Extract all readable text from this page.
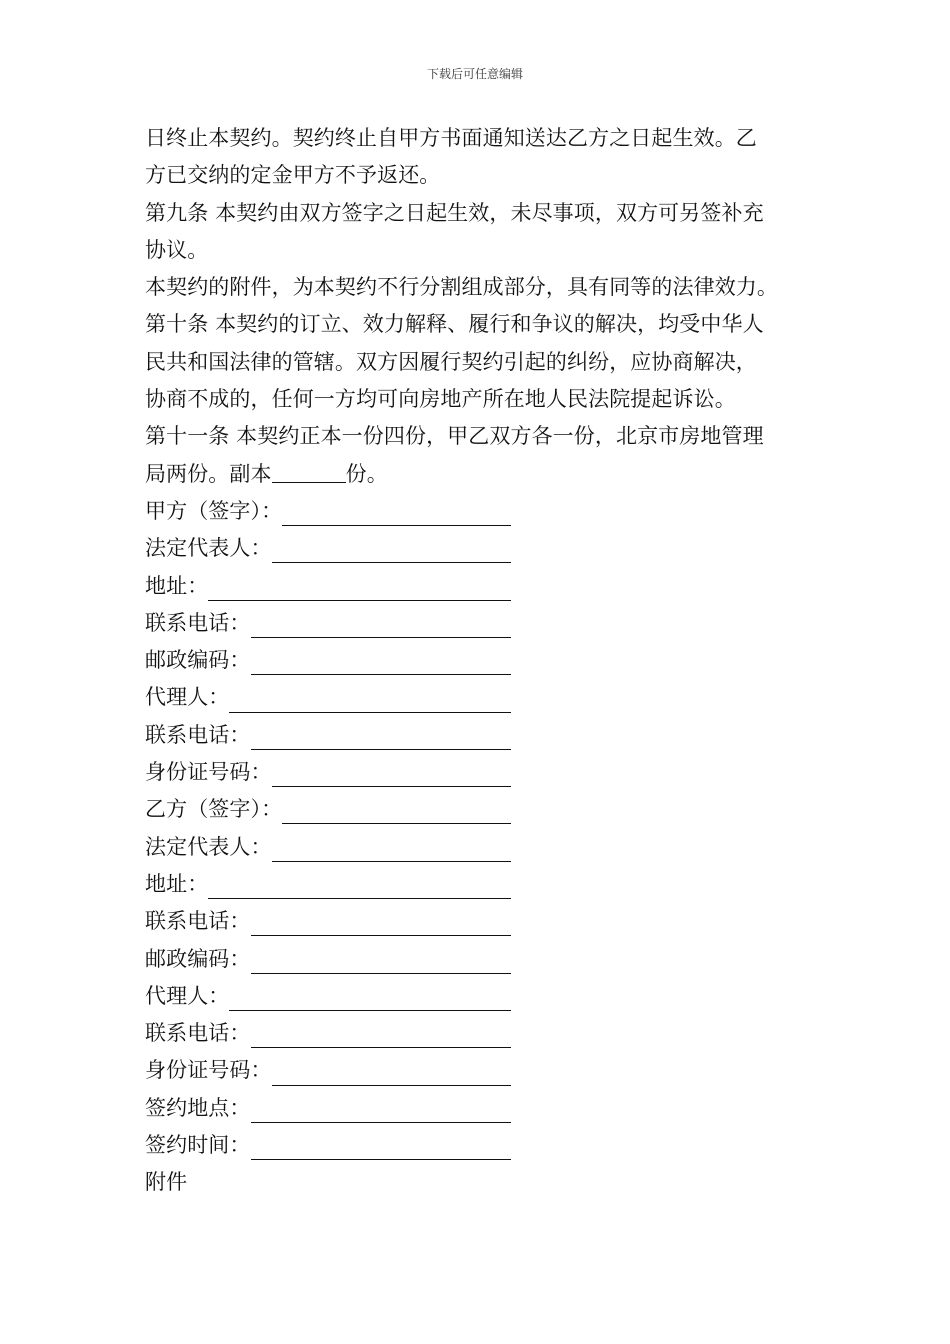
下载后可任意编辑
日终止本契约。契约终止自甲方书面通知送达乙方之日起生效。乙
方已交纳的定金甲方不予返还。
第九条 本契约由双方签字之日起生效，未尽事项，双方可另签补充
协议。
本契约的附件，为本契约不行分割组成部分，具有同等的法律效力。
第十条 本契约的订立、效力解释、履行和争议的解决，均受中华人
民共和国法律的管辖。双方因履行契约引起的纠纷，应协商解决，
协商不成的，任何一方均可向房地产所在地人民法院提起诉讼。
第十一条 本契约正本一份四份，甲乙双方各一份，北京市房地管理
局两份。副本	份。
甲方（签字）：
法定代表人：
地址：
联系电话：
邮政编码：
代理人：
联系电话：
身份证号码：
乙方（签字）：
法定代表人：
地址：
联系电话：
邮政编码：
代理人：
联系电话：
身份证号码：
签约地点：
签约时间：
附件
